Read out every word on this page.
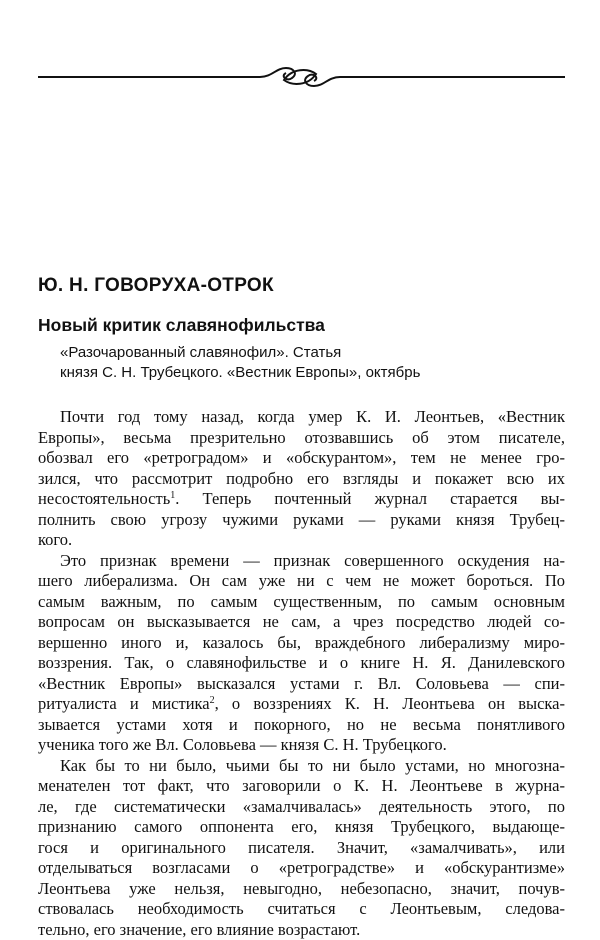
Ю. Н. ГОВОРУХА-ОТРОК
Новый критик славянофильства
«Разочарованный славянофил». Статья
князя С. Н. Трубецкого. «Вестник Европы», октябрь

Почти год тому назад, когда умер К. И. Леонтьев, «Вестник
Европы», весьма презрительно отозвавшись об этом писателе,
обозвал его «ретроградом» и «обскурантом», тем не менее гро-
зился, что рассмотрит подробно его взгляды и покажет всю их
несостоятельность$^1$. Теперь почтенный журнал старается вы-
полнить свою угрозу чужими руками — руками князя Трубец-
кого.

Это признак времени — признак совершенного оскудения на-
шего либерализма. Он сам уже ни с чем не может бороться. По
самым важным, по самым существенным, по самым основным
вопросам он высказывается не сам, а чрез посредство людей со-
вершенно иного и, казалось бы, враждебного либерализму миро-
воззрения. Так, о славянофильстве и о книге Н. Я. Данилевского
«Вестник Европы» высказался устами г. Вл. Соловьева — спи-
ритуалиста и мистика$^2$, о воззрениях К. Н. Леонтьева он выска-
зывается устами хотя и покорного, но не весьма понятливого
ученика того же Вл. Соловьева — князя С. Н. Трубецкого.

Как бы то ни было, чьими бы то ни было устами, но многозна-
менателен тот факт, что заговорили о К. Н. Леонтьеве в журна-
ле, где систематически «замалчивалась» деятельность этого, по
признанию самого оппонента его, князя Трубецкого, выдающе-
гося и оригинального писателя. Значит, «замалчивать», или
отделываться возгласами о «ретроградстве» и «обскурантизме»
Леонтьева уже нельзя, невыгодно, небезопасно, значит, почув-
ствовалась необходимость считаться с Леонтьевым, следова-
тельно, его значение, его влияние возрастают.
